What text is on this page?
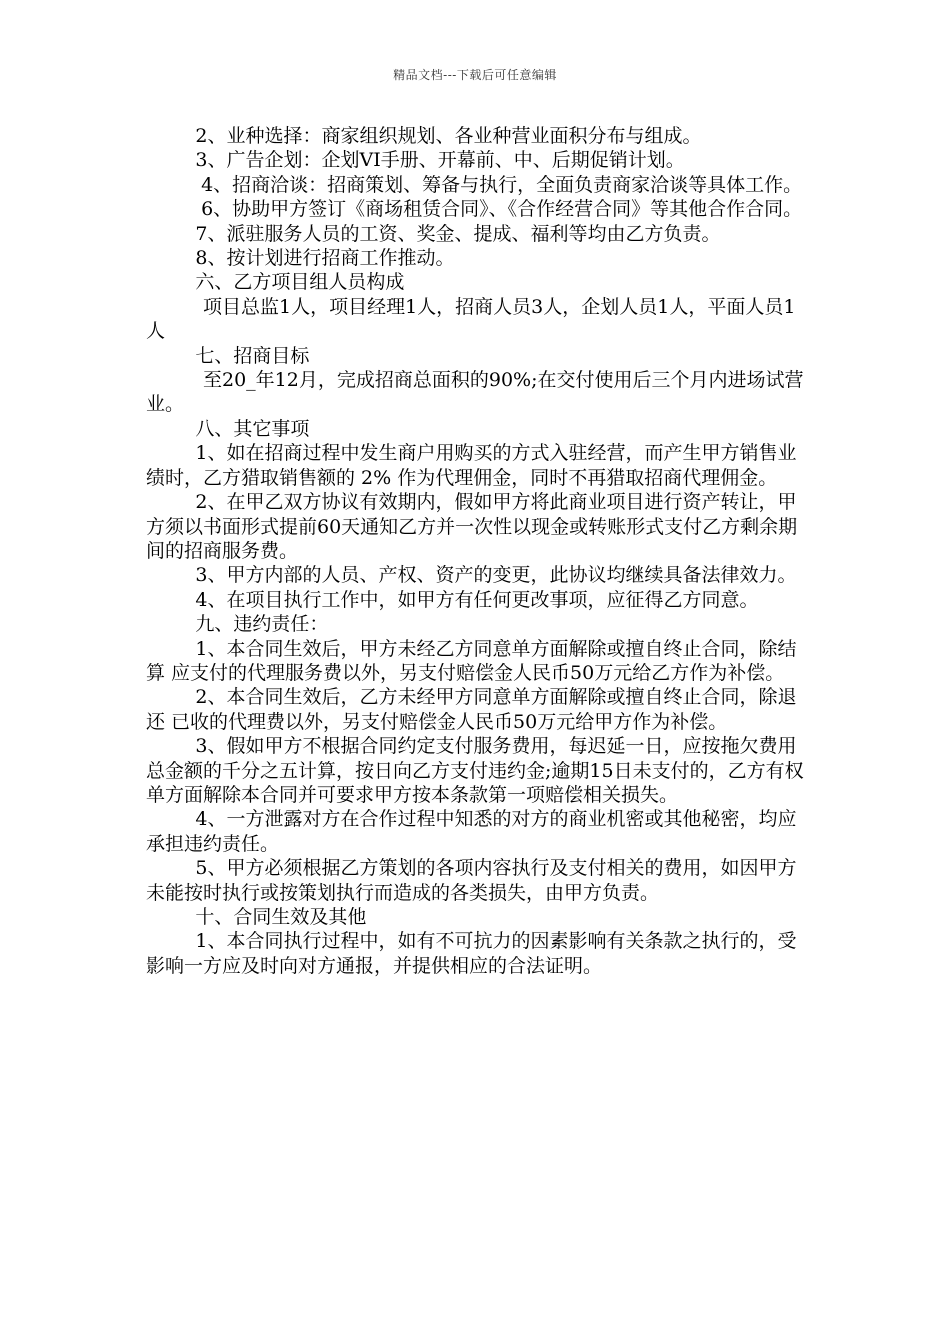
精品文档---下载后可任意编辑

2、业种选择：商家组织规划、各业种营业面积分布与组成。

3、广告企划：企划VI手册、开幕前、中、后期促销计划。

4、招商洽谈：招商策划、筹备与执行，全面负责商家洽谈等具体工作。

6、协助甲方签订《商场租赁合同》、《合作经营合同》等其他合作合同。

7、派驻服务人员的工资、奖金、提成、福利等均由乙方负责。

8、按计划进行招商工作推动。

六、乙方项目组人员构成

项目总监1人，项目经理1人，招商人员3人，企划人员1人，平面人员1人

七、招商目标

至20_年12月，完成招商总面积的90%;在交付使用后三个月内进场试营业。

八、其它事项

1、如在招商过程中发生商户用购买的方式入驻经营，而产生甲方销售业绩时，乙方猎取销售额的 2% 作为代理佣金，同时不再猎取招商代理佣金。

2、在甲乙双方协议有效期内，假如甲方将此商业项目进行资产转让，甲方须以书面形式提前60天通知乙方并一次性以现金或转账形式支付乙方剩余期间的招商服务费。

3、甲方内部的人员、产权、资产的变更，此协议均继续具备法律效力。

4、在项目执行工作中，如甲方有任何更改事项，应征得乙方同意。

九、违约责任：

1、本合同生效后，甲方未经乙方同意单方面解除或擅自终止合同，除结算 应支付的代理服务费以外，另支付赔偿金人民币50万元给乙方作为补偿。

2、本合同生效后，乙方未经甲方同意单方面解除或擅自终止合同，除退还 已收的代理费以外，另支付赔偿金人民币50万元给甲方作为补偿。

3、假如甲方不根据合同约定支付服务费用，每迟延一日，应按拖欠费用总金额的千分之五计算，按日向乙方支付违约金;逾期15日未支付的，乙方有权单方面解除本合同并可要求甲方按本条款第一项赔偿相关损失。

4、一方泄露对方在合作过程中知悉的对方的商业机密或其他秘密，均应承担违约责任。

5、甲方必须根据乙方策划的各项内容执行及支付相关的费用，如因甲方未能按时执行或按策划执行而造成的各类损失，由甲方负责。

十、合同生效及其他

1、本合同执行过程中，如有不可抗力的因素影响有关条款之执行的，受影响一方应及时向对方通报，并提供相应的合法证明。
